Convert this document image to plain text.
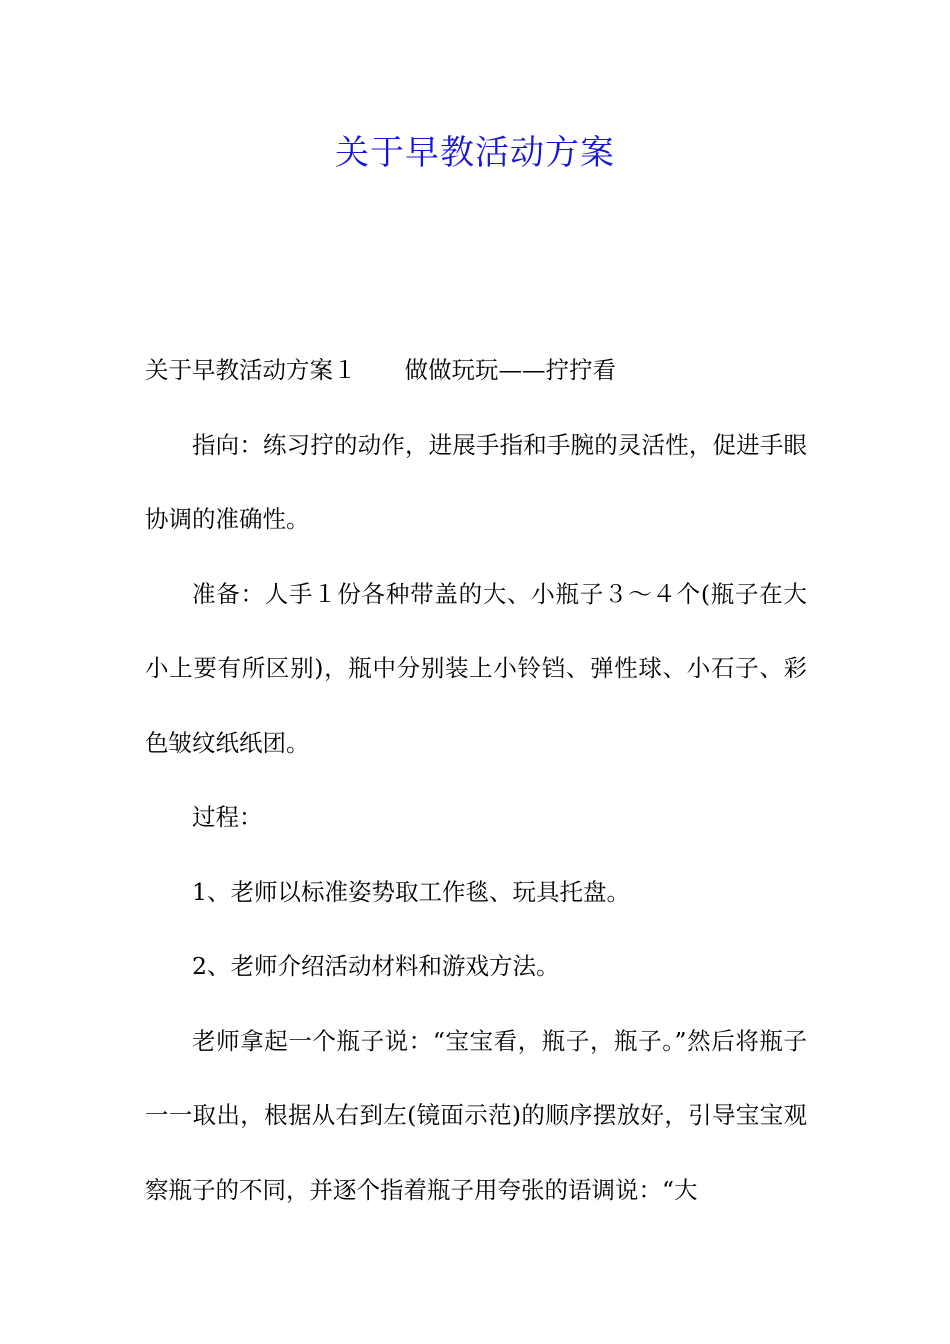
关于早教活动方案

关于早教活动方案１ 做做玩玩——拧拧看

指向：练习拧的动作，进展手指和手腕的灵活性，促进手眼协调的准确性。

准备：人手１份各种带盖的大、小瓶子３～４个(瓶子在大小上要有所区别)，瓶中分别装上小铃铛、弹性球、小石子、彩色皱纹纸纸团。

过程：

1、老师以标准姿势取工作毯、玩具托盘。

2、老师介绍活动材料和游戏方法。

老师拿起一个瓶子说：“宝宝看，瓶子，瓶子。”然后将瓶子一一取出，根据从右到左(镜面示范)的顺序摆放好，引导宝宝观察瓶子的不同，并逐个指着瓶子用夸张的语调说：“大
